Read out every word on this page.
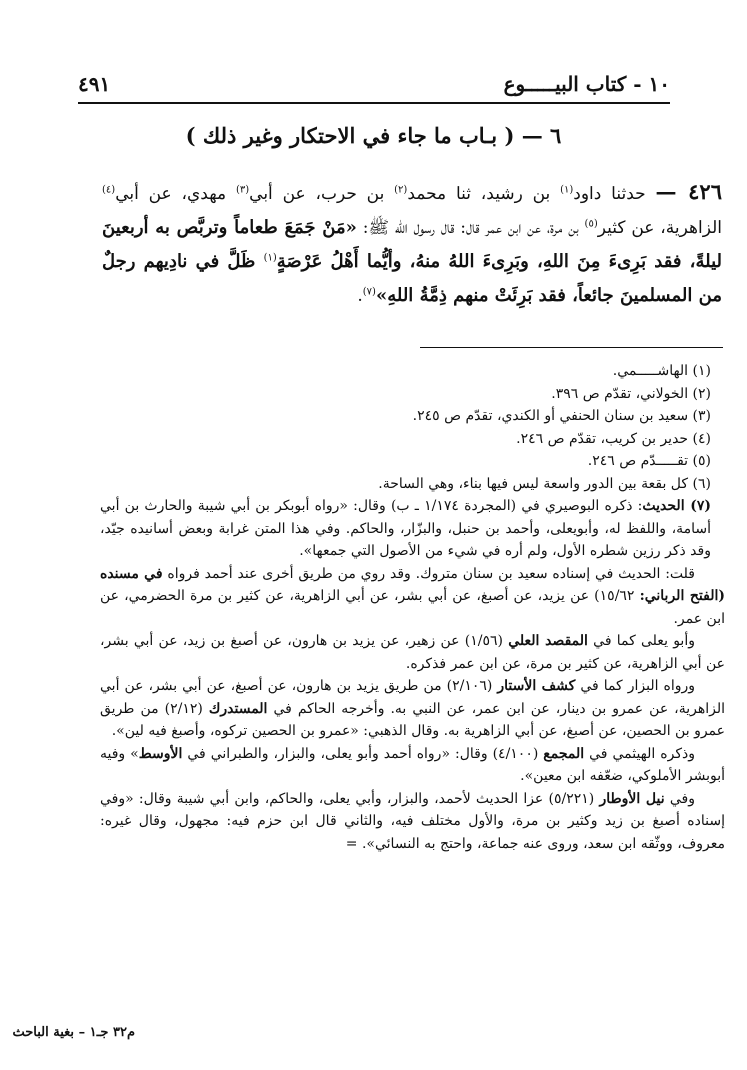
١٠ - كتاب البيـــــوع
٤٩١
٦ — ( بـاب ما جاء في الاحتكار وغير ذلك )
٤٢٦ — حدثنا داود$^{(١)}$ بن رشيد، ثنا محمد$^{(٢)}$ بن حرب، عن أبي$^{(٣)}$ مهدي، عن أبي$^{(٤)}$ الزاهرية، عن كثير$^{(٥)}$ بن مرة، عن ابن عمر قال: قال رسول الله ﷺ: «مَنْ جَمَعَ طعاماً وتربَّص به أربعينَ ليلةً، فقد بَرِىءَ مِنَ اللهِ، وبَرِىءَ اللهُ منهُ، وأيُّما أَهْلُ عَرْصَةٍ$^{(١)}$ ظَلَّ في نادِيهم رجلٌ من المسلمينَ جائعاً، فقد بَرِئَتْ منهم ذِمَّةُ اللهِ»$^{(٧)}$.

(١) الهاشـــــمي.

(٢) الخولاني، تقدّم ص ٣٩٦.

(٣) سعيد بن سنان الحنفي أو الكندي، تقدّم ص ٢٤٥.

(٤) حدير بن كريب، تقدّم ص ٢٤٦.

(٥) تقـــــدّم ص ٢٤٦.

(٦) كل بقعة بين الدور واسعة ليس فيها بناء، وهي الساحة.

(٧) الحديث: ذكره البوصيري في (المجردة ١/١٧٤ ـ ب) وقال: «رواه أبوبكر بن أبي شيبة والحارث بن أبي أسامة، واللفظ له، وأبويعلى، وأحمد بن حنبل، والبزّار، والحاكم. وفي هذا المتن غرابة وبعض أسانيده جيّد، وقد ذكر رزين شطره الأول، ولم أره في شيء من الأصول التي جمعها».

قلت: الحديث في إسناده سعيد بن سنان متروك. وقد روي من طريق أخرى عند أحمد فرواه في مسنده (الفتح الرباني: ١٥/٦٢) عن يزيد، عن أصبغ، عن أبي بشر، عن أبي الزاهرية، عن كثير بن مرة الحضرمي، عن ابن عمر.

وأبو يعلى كما في المقصد العلي (١/٥٦) عن زهير، عن يزيد بن هارون، عن أصبغ بن زيد، عن أبي بشر، عن أبي الزاهرية، عن كثير بن مرة، عن ابن عمر فذكره.

ورواه البزار كما في كشف الأستار (٢/١٠٦) من طريق يزيد بن هارون، عن أصبغ، عن أبي بشر، عن أبي الزاهرية، عن عمرو بن دينار، عن ابن عمر، عن النبي به. وأخرجه الحاكم في المستدرك (٢/١٢) من طريق عمرو بن الحصين، عن أصبغ، عن أبي الزاهرية به. وقال الذهبي: «عمرو بن الحصين تركوه، وأصبغ فيه لين».

وذكره الهيثمي في المجمع (٤/١٠٠) وقال: «رواه أحمد وأبو يعلى، والبزار، والطبراني في الأوسط» وفيه أبوبشر الأملوكي، ضعّفه ابن معين».

وفي نيل الأوطار (٥/٢٢١) عزا الحديث لأحمد، والبزار، وأبي يعلى، والحاكم، وابن أبي شيبة وقال: «وفي إسناده أصبغ بن زيد وكثير بن مرة، والأول مختلف فيه، والثاني قال ابن حزم فيه: مجهول، وقال غيره: معروف، ووثّقه ابن سعد، وروى عنه جماعة، واحتج به النسائي». =

م٣٢ جـ١ – بغية الباحث
